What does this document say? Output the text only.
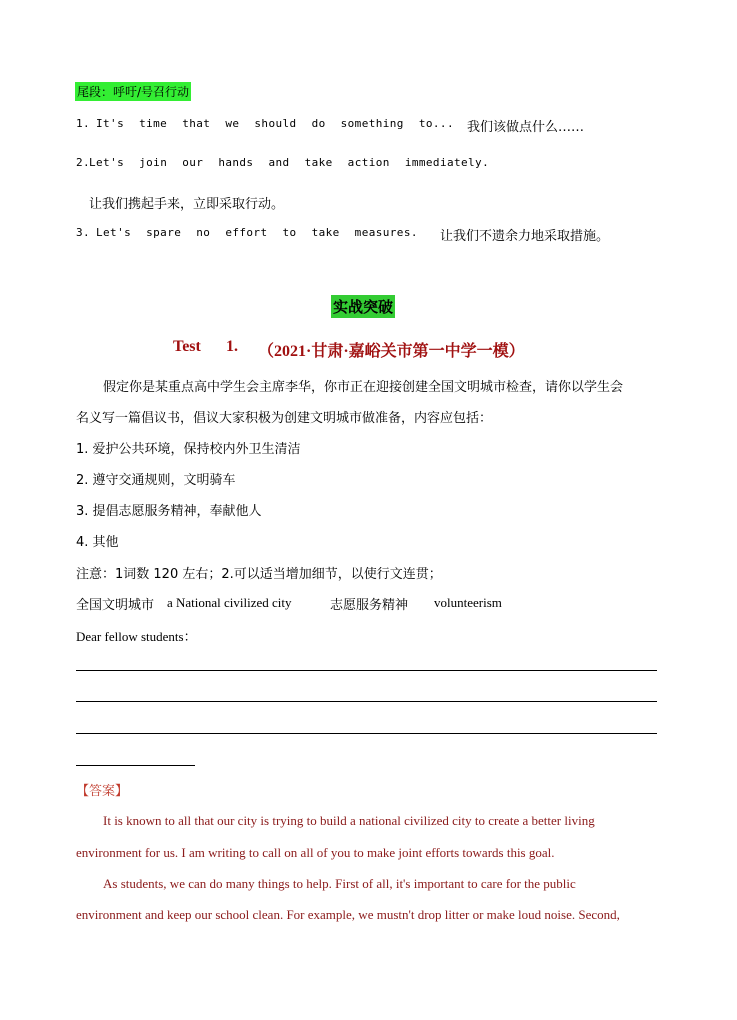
尾段：呼吁/号召行动
1. It's time that we should do something to... 我们该做点什么……
2.
Let's join our hands and take action immediately.
让我们携起手来，立即采取行动。
3. Let's spare no effort to take measures. 让我们不遗余力地采取措施。
实战突破
Test 1. （2021·甘肃·嘉峪关市第一中学一模）
假定你是某重点高中学生会主席李华，你市正在迎接创建全国文明城市检查，请你以学生会
名义写一篇倡议书，倡议大家积极为创建文明城市做准备，内容应包括：
1. 爱护公共环境，保持校内外卫生清洁
2. 遵守交通规则，文明骑车
3. 提倡志愿服务精神，奉献他人
4. 其他
注意：1词数 120 左右；2.可以适当增加细节，以使行文连贯；
全国文明城市 a National civilized city	志愿服务精神 volunteerism
Dear fellow students：
【答案】
It is known to all that our city is trying to build a national civilized city to create a better living
environment for us. I am writing to call on all of you to make joint efforts towards this goal.
As students, we can do many things to help. First of all, it's important to care for the public
environment and keep our school clean. For example, we mustn't drop litter or make loud noise. Second,
